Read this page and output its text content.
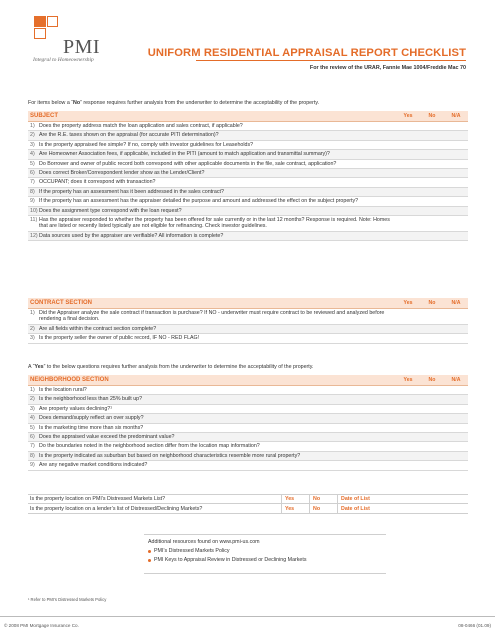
PMI
Integral to Homeownership
UNIFORM RESIDENTIAL APPRAISAL REPORT CHECKLIST
For the review of the URAR, Fannie Mae 1004/Freddie Mac 70
For items below a “No” response requires further analysis from the underwriter to determine the acceptability of the property.
SUBJECT	Yes	No	N/A
1) Does the property address match the loan application and sales contract, if applicable?
2) Are the R.E. taxes shown on the appraisal (for accurate PITI determination)?
3) Is the property appraised fee simple? If no, comply with investor guidelines for Leaseholds?
4) Are Homeowner Association fees, if applicable, included in the PITI (amount to match application and transmittal summary)?
5) Do Borrower and owner of public record both correspond with other applicable documents in the file, sale contract, application?
6) Does correct Broker/Correspondent lender show as the Lender/Client?
7) OCCUPANT; does it correspond with transaction?
8) If the property has an assessment has it been addressed in the sales contract?
9) If the property has an assessment has the appraiser detailed the purpose and amount and addressed the effect on the subject property?
10) Does the assignment type correspond with the loan request?
11) Has the appraiser responded to whether the property has been offered for sale currently or in the last 12 months? Response is required. Note: Homes that are listed or recently listed typically are not eligible for refinancing. Check investor guidelines.
12) Data sources used by the appraiser are verifiable? All information is complete?
CONTRACT SECTION	Yes	No	N/A
1) Did the Appraiser analyze the sale contract if transaction is purchase? If NO - underwriter must require contract to be reviewed and analyzed before rendering a final decision.
2) Are all fields within the contract section complete?
3) Is the property seller the owner of public record, IF NO - RED FLAG!
A “Yes” to the below questions requires further analysis from the underwriter to determine the acceptability of the property.
NEIGHBORHOOD SECTION	Yes	No	N/A
1) Is the location rural?
2) Is the neighborhood less than 25% built up?
3) Are property values declining?¹
4) Does demand/supply reflect an over supply?
5) Is the marketing time more than six months?
6) Does the appraised value exceed the predominant value?
7) Do the boundaries noted in the neighborhood section differ from the location map information?
8) Is the property indicated as suburban but based on neighborhood characteristics resemble more rural property?
9) Are any negative market conditions indicated?
Is the property location on PMI’s Distressed Markets List?	Yes	No	Date of List
Is the property location on a lender’s list of Distressed/Declining Markets?	Yes	No	Date of List
Additional resources found on www.pmi-us.com
PMI’s Distressed Markets Policy
PMI Keys to Appraisal Review in Distressed or Declining Markets
¹ Refer to PMI’s Distressed Markets Policy
© 2008 PMI Mortgage Insurance Co.	08-0466 (01.09)
